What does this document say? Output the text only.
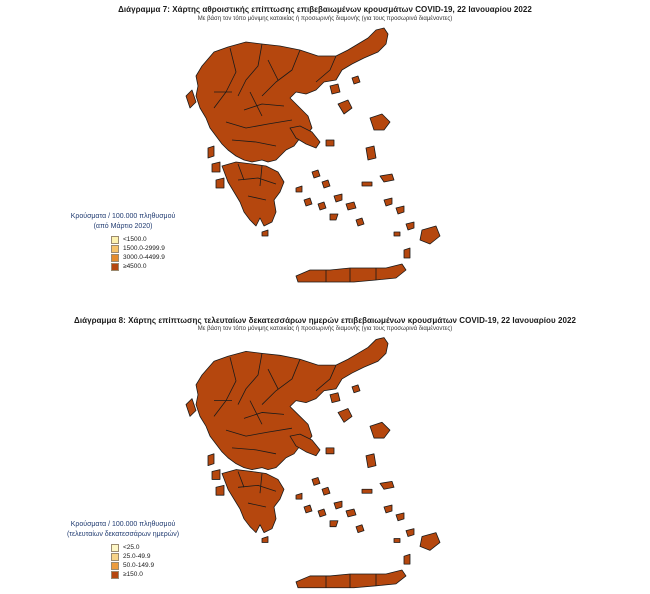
Διάγραμμα 7: Χάρτης αθροιστικής επίπτωσης επιβεβαιωμένων κρουσμάτων COVID-19, 22 Ιανουαρίου 2022
Με βάση τον τόπο μόνιμης κατοικίας ή προσωρινής διαμονής (για τους προσωρινά διαμένοντες)
Κρούσματα / 100.000 πληθυσμού
(από Μάρτιο 2020)
<1500.0
1500.0-2999.9
3000.0-4499.9
≥4500.0
Διάγραμμα 8: Χάρτης επίπτωσης τελευταίων δεκατεσσάρων ημερών επιβεβαιωμένων κρουσμάτων COVID-19, 22 Ιανουαρίου 2022
Με βάση τον τόπο μόνιμης κατοικίας ή προσωρινής διαμονής (για τους προσωρινά διαμένοντες)
Κρούσματα / 100.000 πληθυσμού
(τελευταίων δεκατεσσάρων ημερών)
<25.0
25.0-49.9
50.0-149.9
≥150.0
